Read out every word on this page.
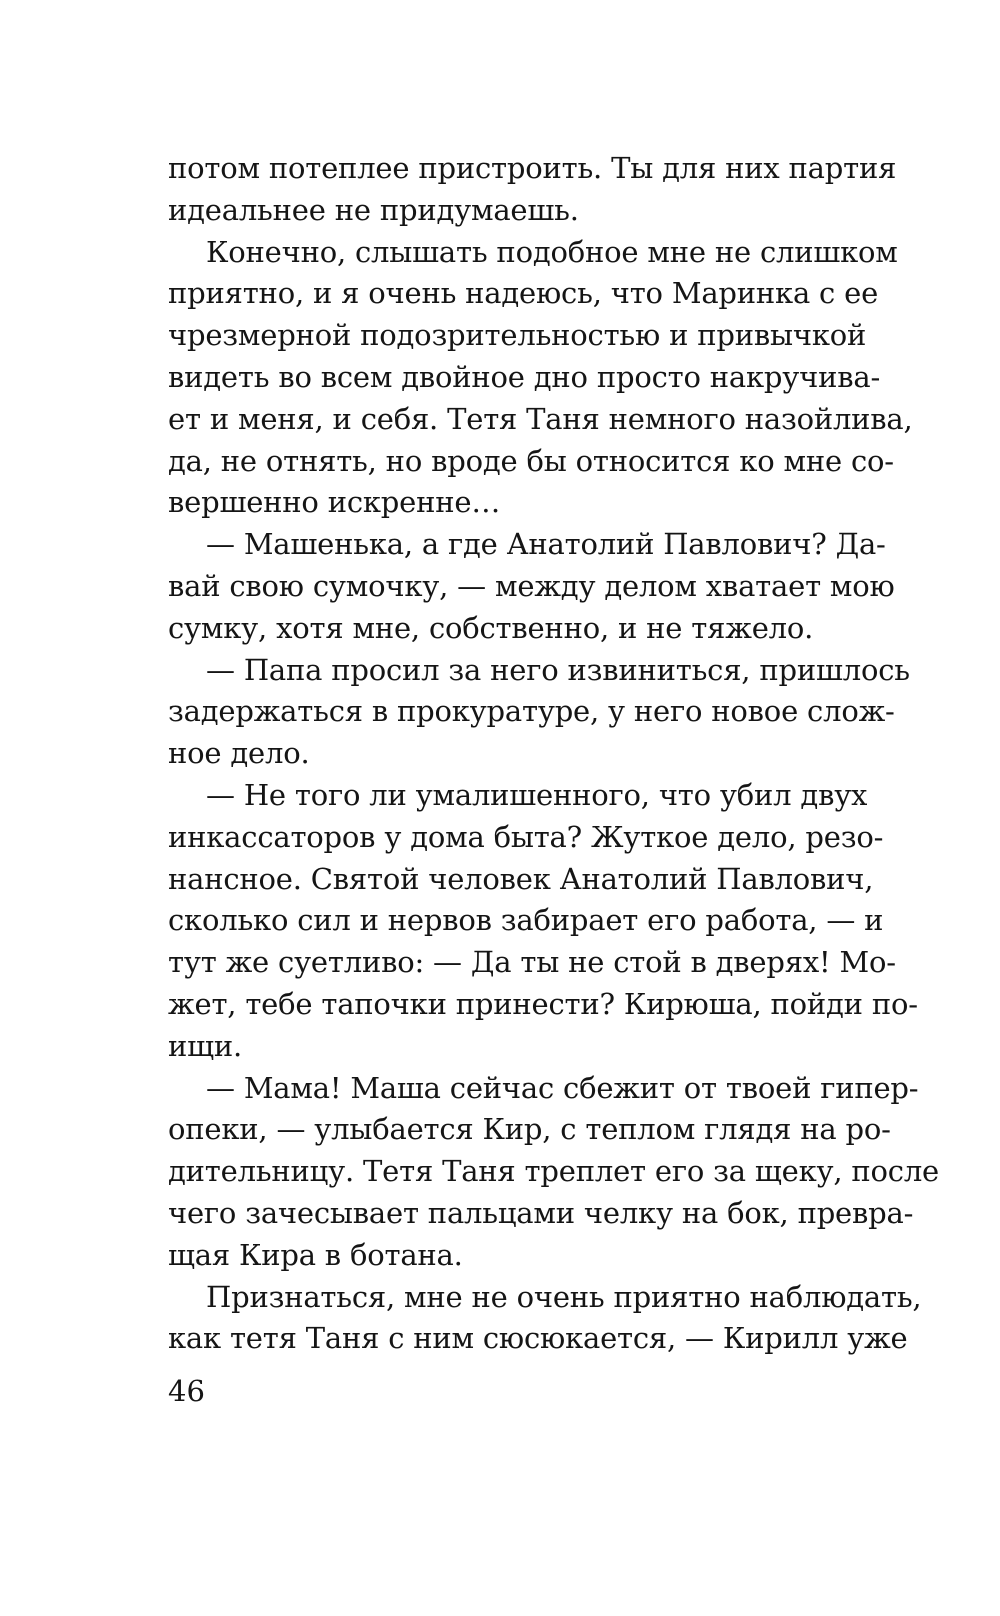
потом потеплее пристроить. Ты для них партия
идеальнее не придумаешь.
Конечно, слышать подобное мне не слишком
приятно, и я очень надеюсь, что Маринка с ее
чрезмерной подозрительностью и привычкой
видеть во всем двойное дно просто накручива-
ет и меня, и себя. Тетя Таня немного назойлива,
да, не отнять, но вроде бы относится ко мне со-
вершенно искренне…
— Машенька, а где Анатолий Павлович? Да-
вай свою сумочку, — между делом хватает мою
сумку, хотя мне, собственно, и не тяжело.
— Папа просил за него извиниться, пришлось
задержаться в прокуратуре, у него новое слож-
ное дело.
— Не того ли умалишенного, что убил двух
инкассаторов у дома быта? Жуткое дело, резо-
нансное. Святой человек Анатолий Павлович,
сколько сил и нервов забирает его работа, — и
тут же суетливо: — Да ты не стой в дверях! Мо-
жет, тебе тапочки принести? Кирюша, пойди по-
ищи.
— Мама! Маша сейчас сбежит от твоей гипер-
опеки, — улыбается Кир, с теплом глядя на ро-
дительницу. Тетя Таня треплет его за щеку, после
чего зачесывает пальцами челку на бок, превра-
щая Кира в ботана.
Признаться, мне не очень приятно наблюдать,
как тетя Таня с ним сюсюкается, — Кирилл уже
46
